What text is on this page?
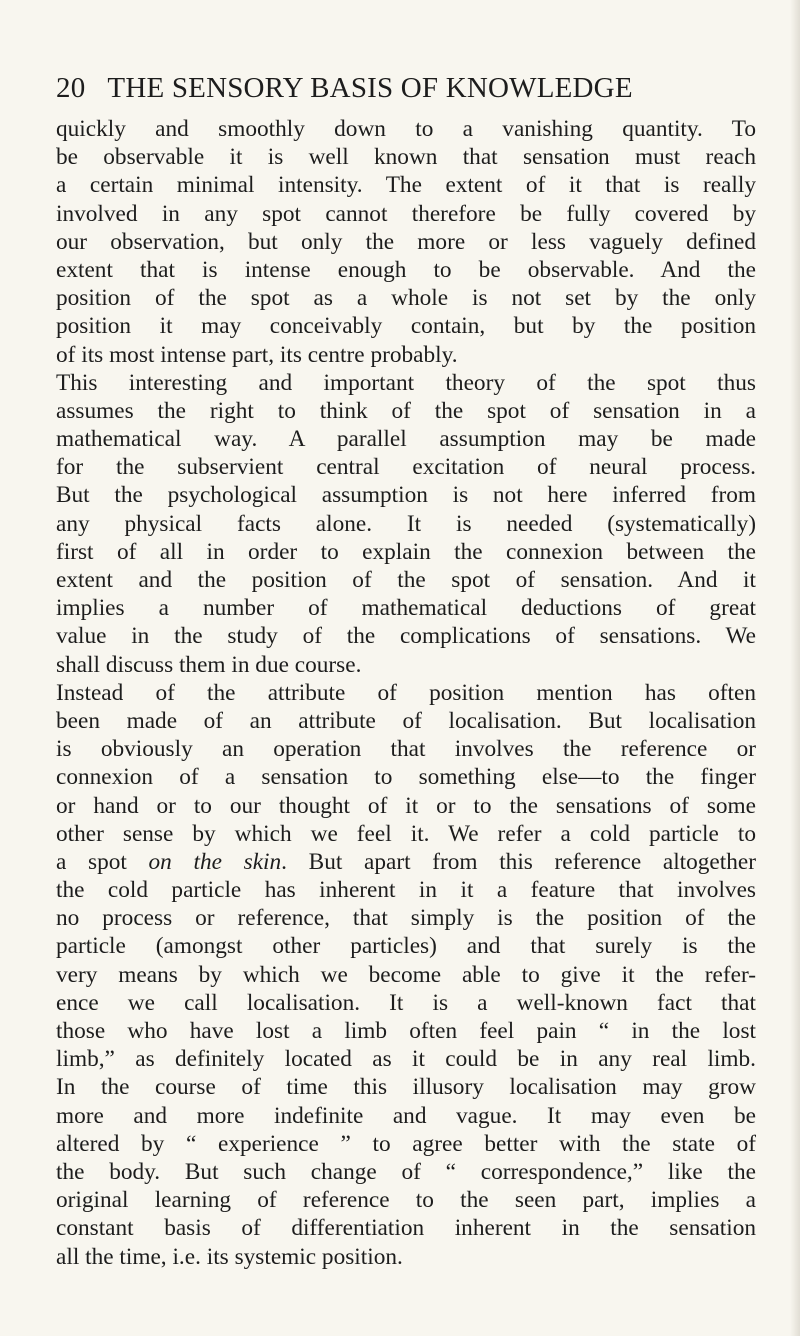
20 THE SENSORY BASIS OF KNOWLEDGE
quickly and smoothly down to a vanishing quantity. To
be observable it is well known that sensation must reach
a certain minimal intensity. The extent of it that is really
involved in any spot cannot therefore be fully covered by
our observation, but only the more or less vaguely defined
extent that is intense enough to be observable. And the
position of the spot as a whole is not set by the only
position it may conceivably contain, but by the position
of its most intense part, its centre probably.
This interesting and important theory of the spot thus
assumes the right to think of the spot of sensation in a
mathematical way. A parallel assumption may be made
for the subservient central excitation of neural process.
But the psychological assumption is not here inferred from
any physical facts alone. It is needed (systematically)
first of all in order to explain the connexion between the
extent and the position of the spot of sensation. And it
implies a number of mathematical deductions of great
value in the study of the complications of sensations. We
shall discuss them in due course.
Instead of the attribute of position mention has often
been made of an attribute of localisation. But localisation
is obviously an operation that involves the reference or
connexion of a sensation to something else—to the finger
or hand or to our thought of it or to the sensations of some
other sense by which we feel it. We refer a cold particle to
a spot on the skin. But apart from this reference altogether
the cold particle has inherent in it a feature that involves
no process or reference, that simply is the position of the
particle (amongst other particles) and that surely is the
very means by which we become able to give it the refer-
ence we call localisation. It is a well-known fact that
those who have lost a limb often feel pain “ in the lost
limb,” as definitely located as it could be in any real limb.
In the course of time this illusory localisation may grow
more and more indefinite and vague. It may even be
altered by “ experience ” to agree better with the state of
the body. But such change of “ correspondence,” like the
original learning of reference to the seen part, implies a
constant basis of differentiation inherent in the sensation
all the time, i.e. its systemic position.
